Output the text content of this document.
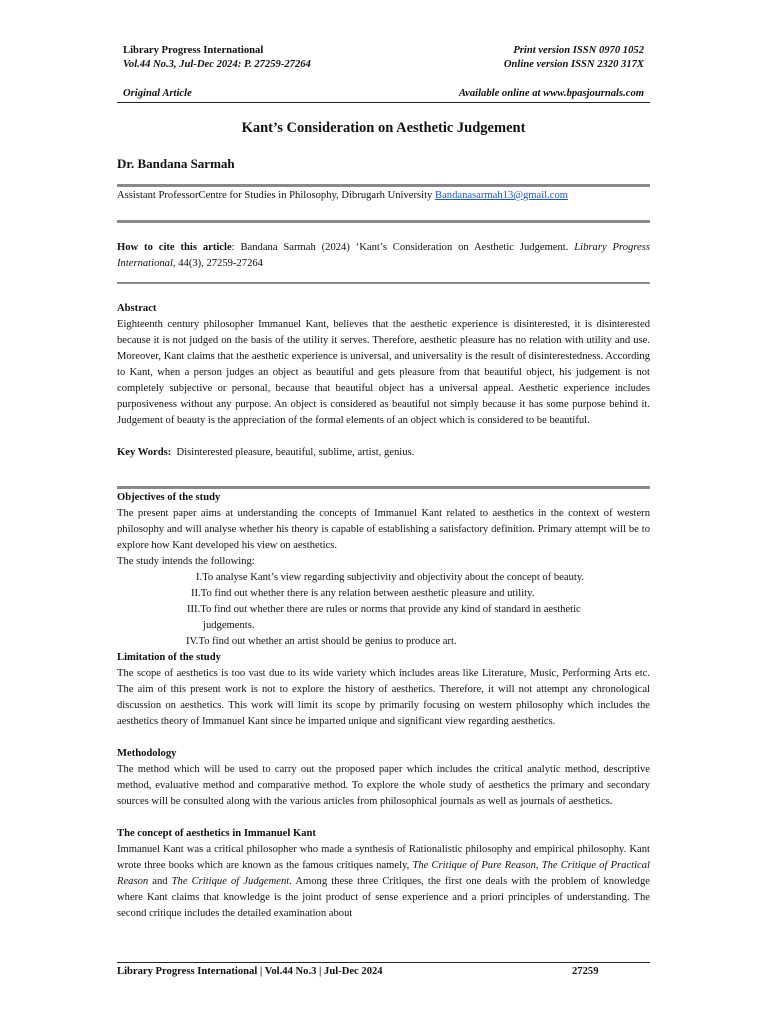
Library Progress International
Vol.44 No.3, Jul-Dec 2024: P. 27259-27264
Print version ISSN 0970 1052
Online version ISSN 2320 317X
Original Article	Available online at www.bpasjournals.com
Kant’s Consideration on Aesthetic Judgement
Dr. Bandana Sarmah
Assistant ProfessorCentre for Studies in Philosophy, Dibrugarh University Bandanasarmah13@gmail.com
How to cite this article: Bandana Sarmah (2024) ‘Kant’s Consideration on Aesthetic Judgement. Library Progress International, 44(3), 27259-27264
Abstract

Eighteenth century philosopher Immanuel Kant, believes that the aesthetic experience is disinterested, it is disinterested because it is not judged on the basis of the utility it serves. Therefore, aesthetic pleasure has no relation with utility and use. Moreover, Kant claims that the aesthetic experience is universal, and universality is the result of disinterestedness. According to Kant, when a person judges an object as beautiful and gets pleasure from that beautiful object, his judgement is not completely subjective or personal, because that beautiful object has a universal appeal. Aesthetic experience includes purposiveness without any purpose. An object is considered as beautiful not simply because it has some purpose behind it. Judgement of beauty is the appreciation of the formal elements of an object which is considered to be beautiful.

Key Words: Disinterested pleasure, beautiful, sublime, artist, genius.
Objectives of the study

The present paper aims at understanding the concepts of Immanuel Kant related to aesthetics in the context of western philosophy and will analyse whether his theory is capable of establishing a satisfactory definition. Primary attempt will be to explore how Kant developed his view on aesthetics.

The study intends the following:
I.To analyse Kant’s view regarding subjectivity and objectivity about the concept of beauty.
II.To find out whether there is any relation between aesthetic pleasure and utility.
III.To find out whether there are rules or norms that provide any kind of standard in aesthetic
judgements.
IV.To find out whether an artist should be genius to produce art.
Limitation of the study

The scope of aesthetics is too vast due to its wide variety which includes areas like Literature, Music, Performing Arts etc. The aim of this present work is not to explore the history of aesthetics. Therefore, it will not attempt any chronological discussion on aesthetics. This work will limit its scope by primarily focusing on western philosophy which includes the aesthetics theory of Immanuel Kant since he imparted unique and significant view regarding aesthetics.

Methodology

The method which will be used to carry out the proposed paper which includes the critical analytic method, descriptive method, evaluative method and comparative method. To explore the whole study of aesthetics the primary and secondary sources will be consulted along with the various articles from philosophical journals as well as journals of aesthetics.

The concept of aesthetics in Immanuel Kant

Immanuel Kant was a critical philosopher who made a synthesis of Rationalistic philosophy and empirical philosophy. Kant wrote three books which are known as the famous critiques namely, The Critique of Pure Reason, The Critique of Practical Reason and The Critique of Judgement. Among these three Critiques, the first one deals with the problem of knowledge where Kant claims that knowledge is the joint product of sense experience and a priori principles of understanding. The second critique includes the detailed examination about

Library Progress International | Vol.44 No.3 | Jul-Dec 2024	27259
